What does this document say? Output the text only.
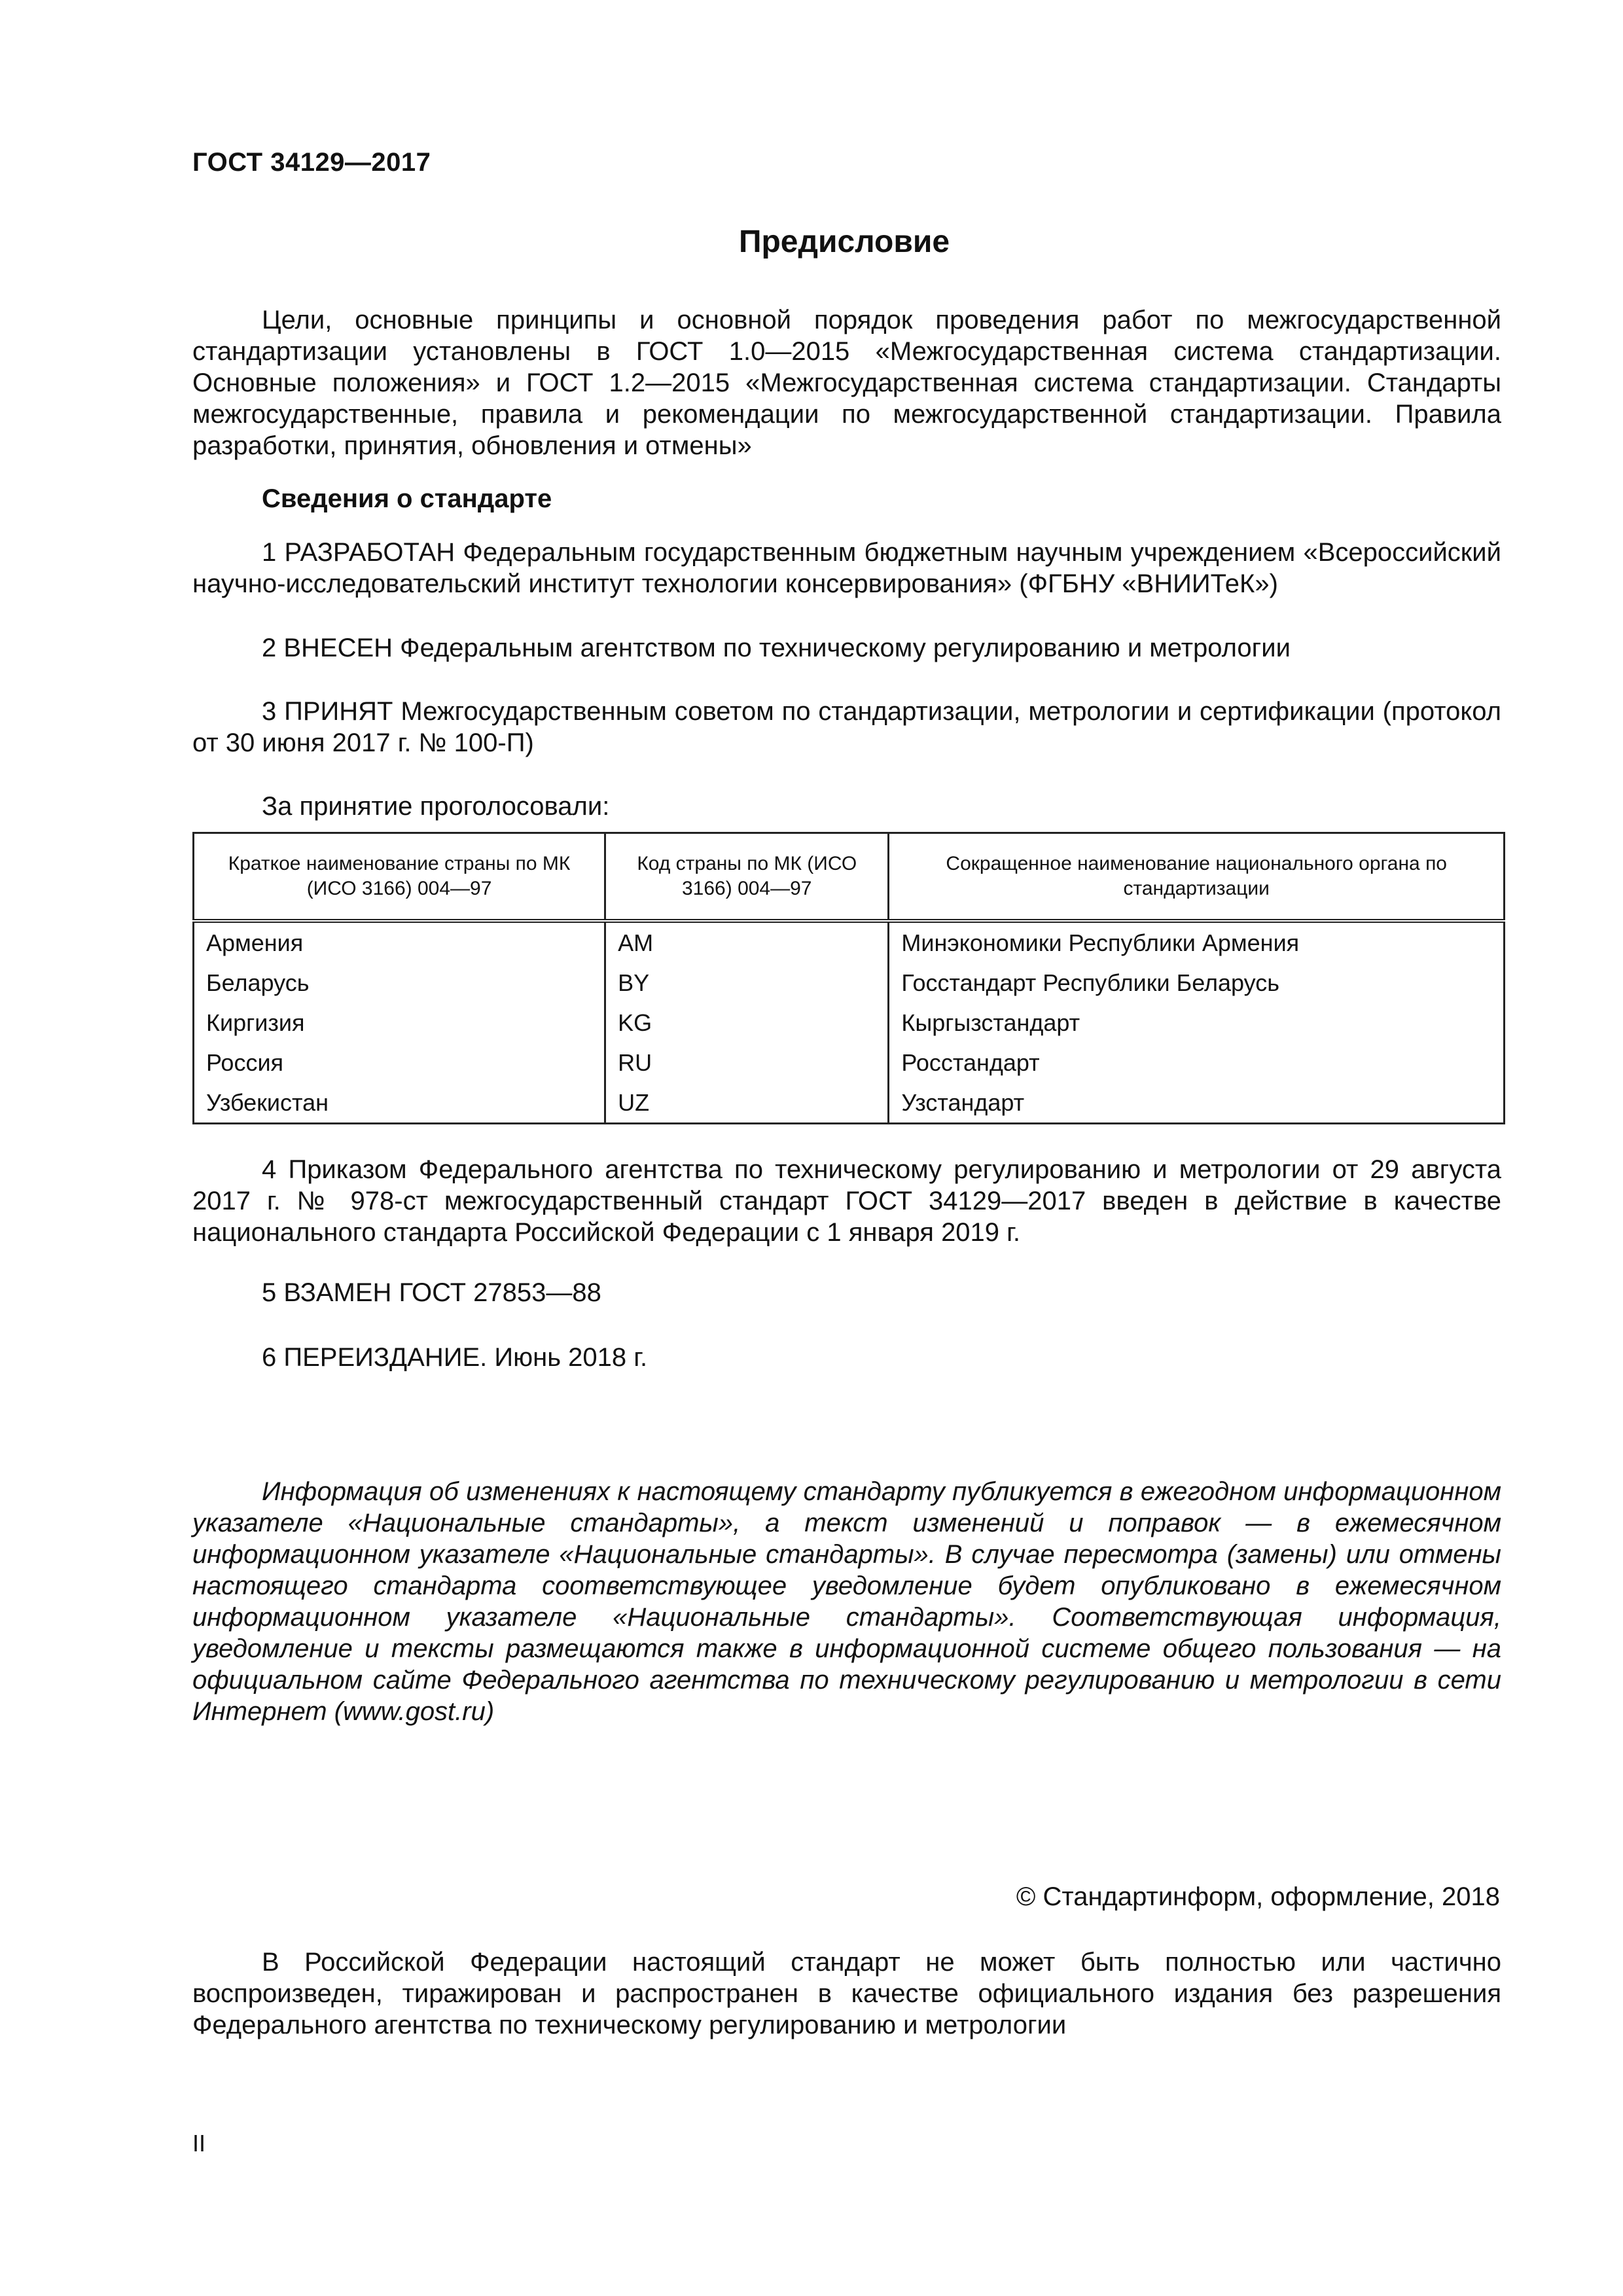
ГОСТ 34129—2017
Предисловие
Цели, основные принципы и основной порядок проведения работ по межгосударственной стандартизации установлены в ГОСТ 1.0—2015 «Межгосударственная система стандартизации. Основные положения» и ГОСТ 1.2—2015 «Межгосударственная система стандартизации. Стандарты межгосударственные, правила и рекомендации по межгосударственной стандартизации. Правила разработки, принятия, обновления и отмены»
Сведения о стандарте
1 РАЗРАБОТАН Федеральным государственным бюджетным научным учреждением «Всероссийский научно-исследовательский институт технологии консервирования» (ФГБНУ «ВНИИТеК»)
2 ВНЕСЕН Федеральным агентством по техническому регулированию и метрологии
3 ПРИНЯТ Межгосударственным советом по стандартизации, метрологии и сертификации (протокол от 30 июня 2017 г. № 100-П)
За принятие проголосовали:
Краткое наименование страны по МК (ИСО 3166) 004—97	Код страны по МК (ИСО 3166) 004—97	Сокращенное наименование национального органа по стандартизации
Армения	AM	Минэкономики Республики Армения
Беларусь	BY	Госстандарт Республики Беларусь
Киргизия	KG	Кыргызстандарт
Россия	RU	Росстандарт
Узбекистан	UZ	Узстандарт
4 Приказом Федерального агентства по техническому регулированию и метрологии от 29 августа 2017 г. № 978-ст межгосударственный стандарт ГОСТ 34129—2017 введен в действие в качестве национального стандарта Российской Федерации с 1 января 2019 г.
5 ВЗАМЕН ГОСТ 27853—88
6 ПЕРЕИЗДАНИЕ. Июнь 2018 г.
Информация об изменениях к настоящему стандарту публикуется в ежегодном информационном указателе «Национальные стандарты», а текст изменений и поправок — в ежемесячном информационном указателе «Национальные стандарты». В случае пересмотра (замены) или отмены настоящего стандарта соответствующее уведомление будет опубликовано в ежемесячном информационном указателе «Национальные стандарты». Соответствующая информация, уведомление и тексты размещаются также в информационной системе общего пользования — на официальном сайте Федерального агентства по техническому регулированию и метрологии в сети Интернет (www.gost.ru)
© Стандартинформ, оформление, 2018
В Российской Федерации настоящий стандарт не может быть полностью или частично воспроизведен, тиражирован и распространен в качестве официального издания без разрешения Федерального агентства по техническому регулированию и метрологии
II
